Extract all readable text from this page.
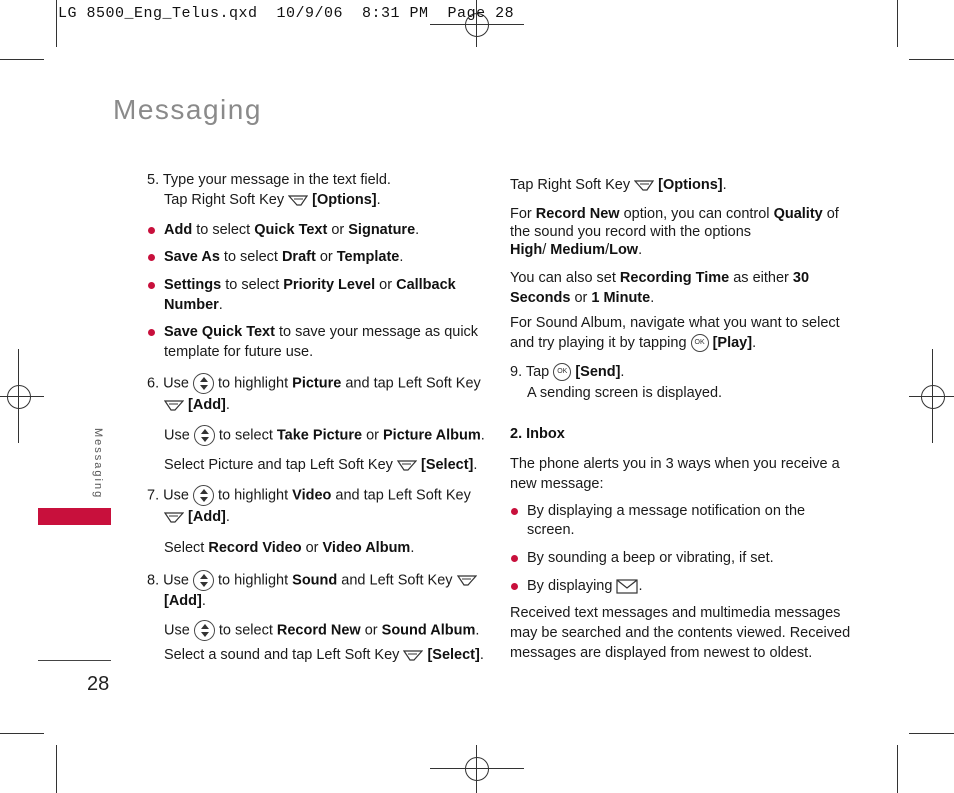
LG 8500_Eng_Telus.qxd  10/9/06  8:31 PM  Page 28
Messaging
Messaging
28

5. Type your message in the text field.

Tap Right Soft Key [Options].

Add to select Quick Text or Signature.

Save As to select Draft or Template.

Settings to select Priority Level or Callback

Number.

Save Quick Text to save your message as quick

template for future use.

6. Use to highlight Picture and tap Left Soft Key

[Add].

Use to select Take Picture or Picture Album.

Select Picture and tap Left Soft Key [Select].

7. Use to highlight Video and tap Left Soft Key

[Add].

Select Record Video or Video Album.

8. Use to highlight Sound and Left Soft Key

[Add].

Use to select Record New or Sound Album.

Select a sound and tap Left Soft Key [Select].

Tap Right Soft Key [Options].

For Record New option, you can control Quality of

the sound you record with the options

High/ Medium/Low.

You can also set Recording Time as either 30

Seconds or 1 Minute.

For Sound Album, navigate what you want to select

and try playing it by tapping OK [Play].

9. Tap OK [Send].

A sending screen is displayed.

2. Inbox

The phone alerts you in 3 ways when you receive a

new message:

By displaying a message notification on the

screen.

By sounding a beep or vibrating, if set.

By displaying .

Received text messages and multimedia messages

may be searched and the contents viewed. Received

messages are displayed from newest to oldest.
